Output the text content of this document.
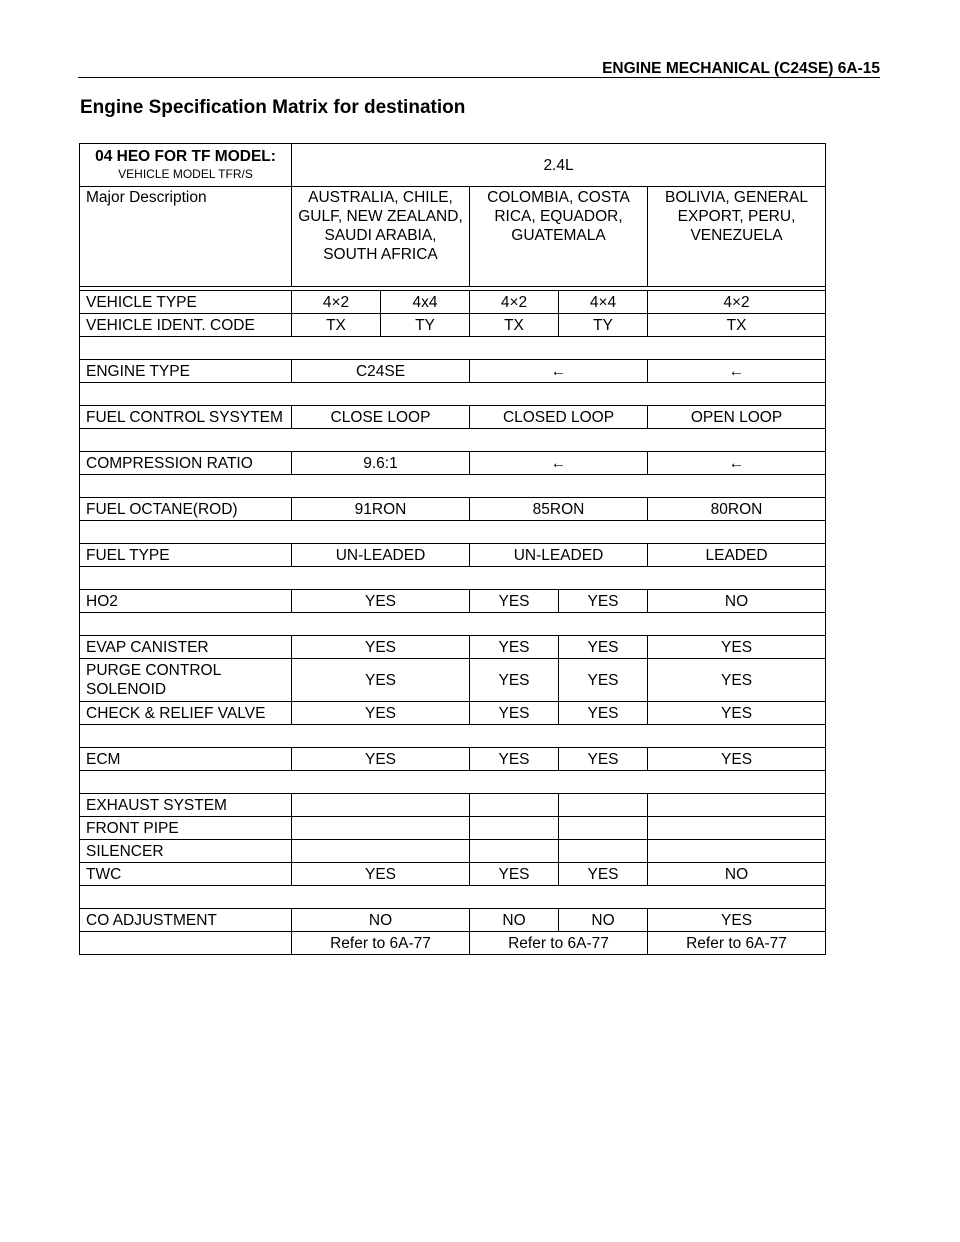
ENGINE MECHANICAL (C24SE) 6A-15
Engine Specification Matrix for destination
04 HEO FOR TF MODEL:
VEHICLE MODEL TFR/S	2.4L				
Major Description	AUSTRALIA, CHILE, GULF, NEW ZEALAND, SAUDI ARABIA, SOUTH AFRICA		COLOMBIA, COSTA RICA, EQUADOR, GUATEMALA		BOLIVIA, GENERAL EXPORT, PERU, VENEZUELA

VEHICLE TYPE	4×2	4x4	4×2	4×4	4×2
VEHICLE IDENT. CODE	TX	TY	TX	TY	TX

ENGINE TYPE	C24SE		←		←

FUEL CONTROL SYSYTEM	CLOSE LOOP		CLOSED LOOP		OPEN LOOP

COMPRESSION RATIO	9.6:1		←		←

FUEL OCTANE(ROD)	91RON		85RON		80RON

FUEL TYPE	UN-LEADED		UN-LEADED		LEADED

HO2	YES		YES	YES	NO

EVAP CANISTER	YES		YES	YES	YES
PURGE CONTROL
SOLENOID	YES		YES	YES	YES
CHECK & RELIEF VALVE	YES		YES	YES	YES

ECM	YES		YES	YES	YES

EXHAUST SYSTEM					
FRONT PIPE					
SILENCER					
TWC	YES		YES	YES	NO

CO ADJUSTMENT	NO		NO	NO	YES
	Refer to 6A-77		Refer to 6A-77		Refer to 6A-77
